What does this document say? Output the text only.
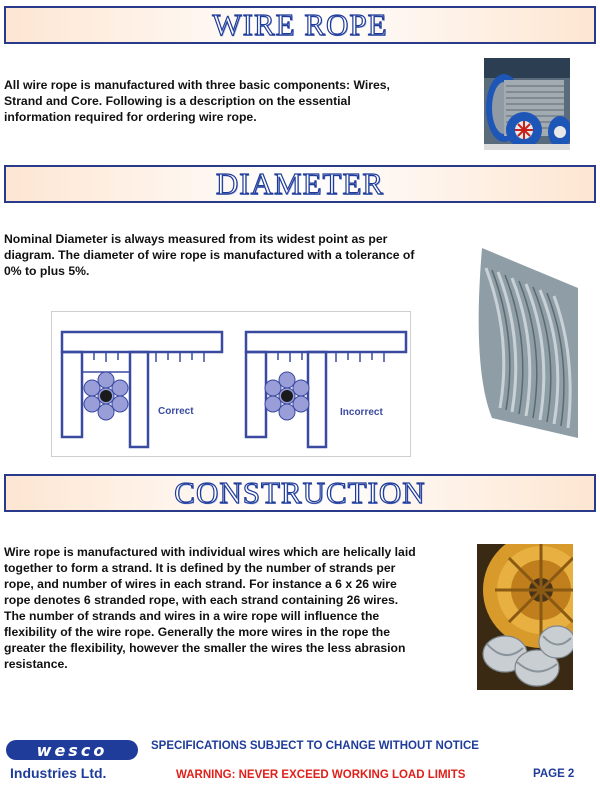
WIRE ROPE
All wire rope is manufactured with three basic components: Wires,
Strand and Core. Following is a description on the essential
information required for ordering wire rope.
DIAMETER
Nominal Diameter is always measured from its widest point as per
diagram. The diameter of wire rope is manufactured with a tolerance of
0% to plus 5%.
Correct	Incorrect
CONSTRUCTION
Wire rope is manufactured with individual wires which are helically laid
together to form a strand. It is defined by the number of strands per
rope, and number of wires in each strand. For instance a 6 x 26 wire
rope denotes 6 stranded rope, with each strand containing 26 wires.
The number of strands and wires in a wire rope will influence the
flexibility of the wire rope. Generally the more wires in the rope the
greater the flexibility, however the smaller the wires the less abrasion
resistance.
wesco
Industries Ltd.
SPECIFICATIONS SUBJECT TO CHANGE WITHOUT NOTICE
WARNING: NEVER EXCEED WORKING LOAD LIMITS	PAGE 2
